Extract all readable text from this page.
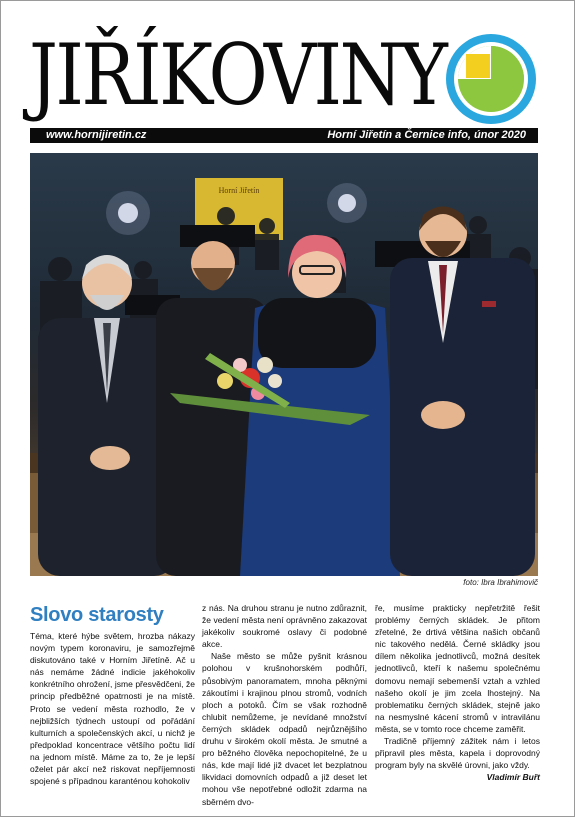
JIŘÍKOVINY
www.hornijiretin.cz	Horní Jiřetín a Černice info, únor 2020
Horní Jiřetín
foto: Ibra Ibrahimovič
Slovo starosty

Téma, které hýbe světem, hrozba nákazy novým typem koronaviru, je samozřejmě diskutováno také v Horním Jiřetíně. Ač u nás nemáme žádné indicie jakéhokoliv konkrétního ohrožení, jsme přesvědčeni, že princip předběžné opatrnosti je na místě. Proto se vedení města rozhodlo, že v nejbližších týdnech ustoupí od pořádání kulturních a společenských akcí, u nichž je předpoklad koncentrace většího počtu lidí na jednom místě. Máme za to, že je lepší oželet pár akcí než riskovat nepříjemnosti spojené s případnou karanténou kohokoliv

z nás. Na druhou stranu je nutno zdůraznit, že vedení města není oprávněno zakazovat jakékoliv soukromé oslavy či podobné akce.

Naše město se může pyšnit krásnou polohou v krušnohorském podhůří, působivým panoramatem, mnoha pěknými zákoutími i krajinou plnou stromů, vodních ploch a potoků. Čím se však rozhodně chlubit nemůžeme, je nevídané množství černých skládek odpadů nejrůznějšího druhu v širokém okolí města. Je smutné a pro běžného člověka nepochopitelné, že u nás, kde mají lidé již dvacet let bezplatnou likvidaci domovních odpadů a již deset let mohou vše nepotřebné odložit zdarma na sběrném dvo-

ře, musíme prakticky nepřetržitě řešit problémy černých skládek. Je přitom zřetelné, že drtivá většina našich občanů nic takového nedělá. Černé skládky jsou dílem několika jednotlivců, možná desítek jednotlivců, kteří k našemu společnému domovu nemají sebemenší vztah a vzhled našeho okolí je jim zcela lhostejný. Na problematiku černých skládek, stejně jako na nesmyslné kácení stromů v intravilánu města, se v tomto roce chceme zaměřit.

Tradičně příjemný zážitek nám i letos připravil ples města, kapela i doprovodný program byly na skvělé úrovni, jako vždy.

Vladimír Buřt
